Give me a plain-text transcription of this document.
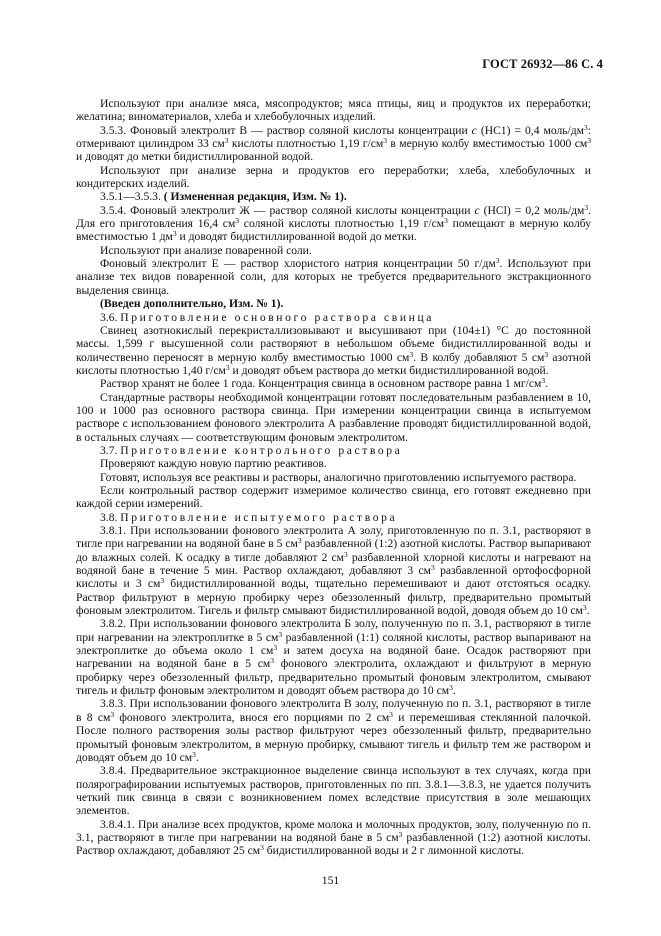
ГОСТ 26932—86 С. 4

Используют при анализе мяса, мясопродуктов; мяса птицы, яиц и продуктов их переработки; желатина; виноматериалов, хлеба и хлебобулочных изделий.

3.5.3. Фоновый электролит В — раствор соляной кислоты концентрации с (НС1) = 0,4 моль/$дм^3$: отмеривают цилиндром 33 $см^3$ кислоты плотностью 1,19 $г/см^3$ в мерную колбу вместимостью 1000 $см^3$ и доводят до метки бидистиллированной водой.

Используют при анализе зерна и продуктов его переработки; хлеба, хлебобулочных и кондитерских изделий.

3.5.1—3.5.3. ( Измененная редакция, Изм. № 1).

3.5.4. Фоновый электролит Ж — раствор соляной кислоты концентрации с (НСl) = 0,2 моль/$дм^3$. Для его приготовления 16,4 $см^3$ соляной кислоты плотностью 1,19 $г/см^3$ помещают в мерную колбу вместимостью 1 $дм^3$ и доводят бидистиллированной водой до метки.

Используют при анализе поваренной соли.

Фоновый электролит Е — раствор хлористого натрия концентрации 50 $г/дм^3$. Используют при анализе тех видов поваренной соли, для которых не требуется предварительного экстракционного выделения свинца.

(Введен дополнительно, Изм. № 1).

3.6. Приготовление основного раствора свинца

Свинец азотнокислый перекристаллизовывают и высушивают при (104±1) °С до постоянной массы. 1,599 г высушенной соли растворяют в небольшом объеме бидистиллированной воды и количественно переносят в мерную колбу вместимостью 1000 $см^3$. В колбу добавляют 5 $см^3$ азотной кислоты плотностью 1,40 $г/см^3$ и доводят объем раствора до метки бидистиллированной водой.

Раствор хранят не более 1 года. Концентрация свинца в основном растворе равна 1 $мг/см^3$.

Стандартные растворы необходимой концентрации готовят последовательным разбавлением в 10, 100 и 1000 раз основного раствора свинца. При измерении концентрации свинца в испытуемом растворе с использованием фонового электролита А разбавление проводят бидистиллированной водой, в остальных случаях — соответствующим фоновым электролитом.

3.7. Приготовление контрольного раствора

Проверяют каждую новую партию реактивов.

Готовят, используя все реактивы и растворы, аналогично приготовлению испытуемого раствора.

Если контрольный раствор содержит измеримое количество свинца, его готовят ежедневно при каждой серии измерений.

3.8. Приготовление испытуемого раствора

3.8.1. При использовании фонового электролита А золу, приготовленную по п. 3.1, растворяют в тигле при нагревании на водяной бане в 5 $см^3$ разбавленной (1:2) азотной кислоты. Раствор выпаривают до влажных солей. К осадку в тигле добавляют 2 $см^3$ разбавленной хлорной кислоты и нагревают на водяной бане в течение 5 мин. Раствор охлаждают, добавляют 3 $см^3$ разбавленной ортофосфорной кислоты и 3 $см^3$ бидистиллированной воды, тщательно перемешивают и дают отстояться осадку. Раствор фильтруют в мерную пробирку через обеззоленный фильтр, предварительно промытый фоновым электролитом. Тигель и фильтр смывают бидистиллированной водой, доводя объем до 10 $см^3$.

3.8.2. При использовании фонового электролита Б золу, полученную по п. 3.1, растворяют в тигле при нагревании на электроплитке в 5 $см^3$ разбавленной (1:1) соляной кислоты, раствор выпаривают на электроплитке до объема около 1 $см^3$ и затем досуха на водяной бане. Осадок растворяют при нагревании на водяной бане в 5 $см^3$ фонового электролита, охлаждают и фильтруют в мерную пробирку через обеззоленный фильтр, предварительно промытый фоновым электролитом, смывают тигель и фильтр фоновым электролитом и доводят объем раствора до 10 $см^3$.

3.8.3. При использовании фонового электролита В золу, полученную по п. 3.1, растворяют в тигле в 8 $см^3$ фонового электролита, внося его порциями по 2 $см^3$ и перемешивая стеклянной палочкой. После полного растворения золы раствор фильтруют через обеззоленный фильтр, предварительно промытый фоновым электролитом, в мерную пробирку, смывают тигель и фильтр тем же раствором и доводят объем до 10 $см^3$.

3.8.4. Предварительное экстракционное выделение свинца используют в тех случаях, когда при полярографировании испытуемых растворов, приготовленных по пп. 3.8.1—3.8.3, не удается получить четкий пик свинца в связи с возникновением помех вследствие присутствия в золе мешающих элементов.

3.8.4.1. При анализе всех продуктов, кроме молока и молочных продуктов, золу, полученную по п. 3.1, растворяют в тигле при нагревании на водяной бане в 5 $см^3$ разбавленной (1:2) азотной кислоты. Раствор охлаждают, добавляют 25 $см^3$ бидистиллированной воды и 2 г лимонной кислоты.

151
